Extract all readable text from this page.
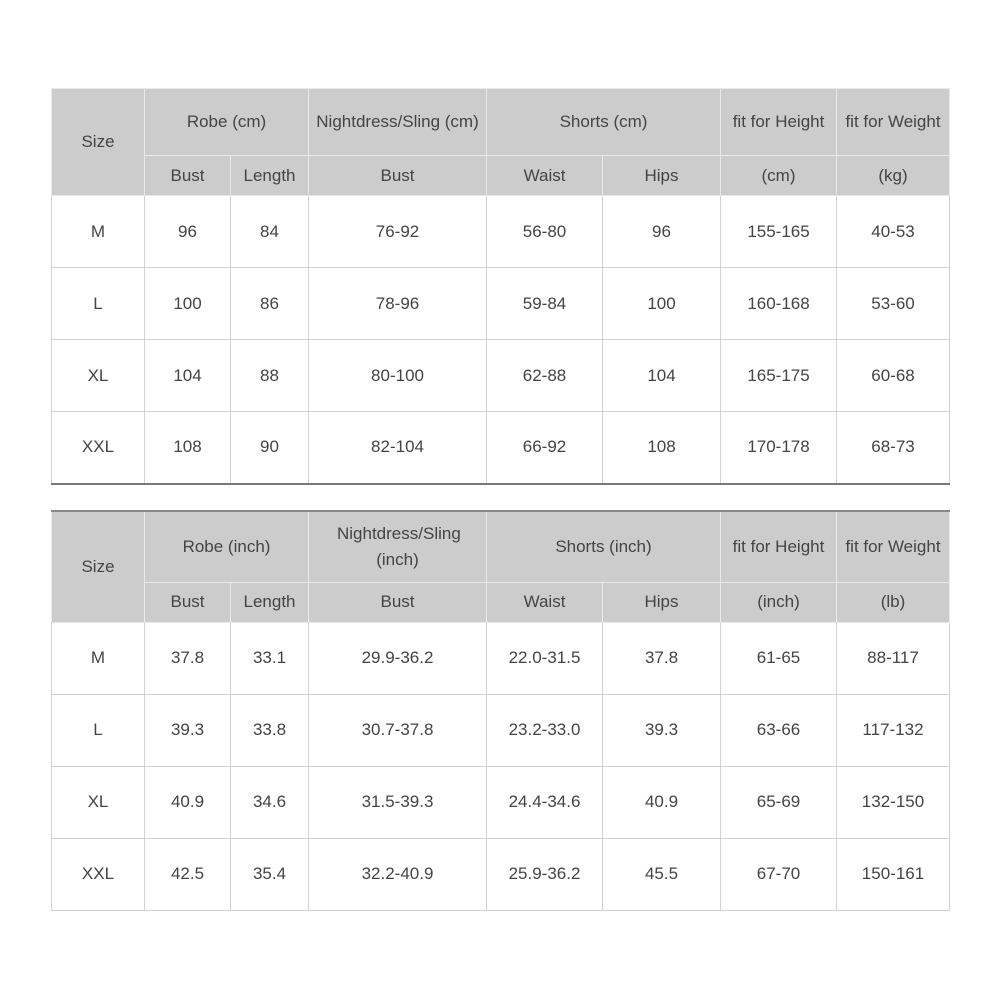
Size	Robe (cm)		Nightdress/Sling (cm)	Shorts (cm)		fit for Height	fit for Weight
	Bust	Length	Bust	Waist	Hips	(cm)	(kg)
M	96	84	76-92	56-80	96	155-165	40-53
L	100	86	78-96	59-84	100	160-168	53-60
XL	104	88	80-100	62-88	104	165-175	60-68
XXL	108	90	82-104	66-92	108	170-178	68-73
Size	Robe (inch)		Nightdress/Sling (inch)	Shorts (inch)		fit for Height	fit for Weight
	Bust	Length	Bust	Waist	Hips	(inch)	(lb)
M	37.8	33.1	29.9-36.2	22.0-31.5	37.8	61-65	88-117
L	39.3	33.8	30.7-37.8	23.2-33.0	39.3	63-66	117-132
XL	40.9	34.6	31.5-39.3	24.4-34.6	40.9	65-69	132-150
XXL	42.5	35.4	32.2-40.9	25.9-36.2	45.5	67-70	150-161
